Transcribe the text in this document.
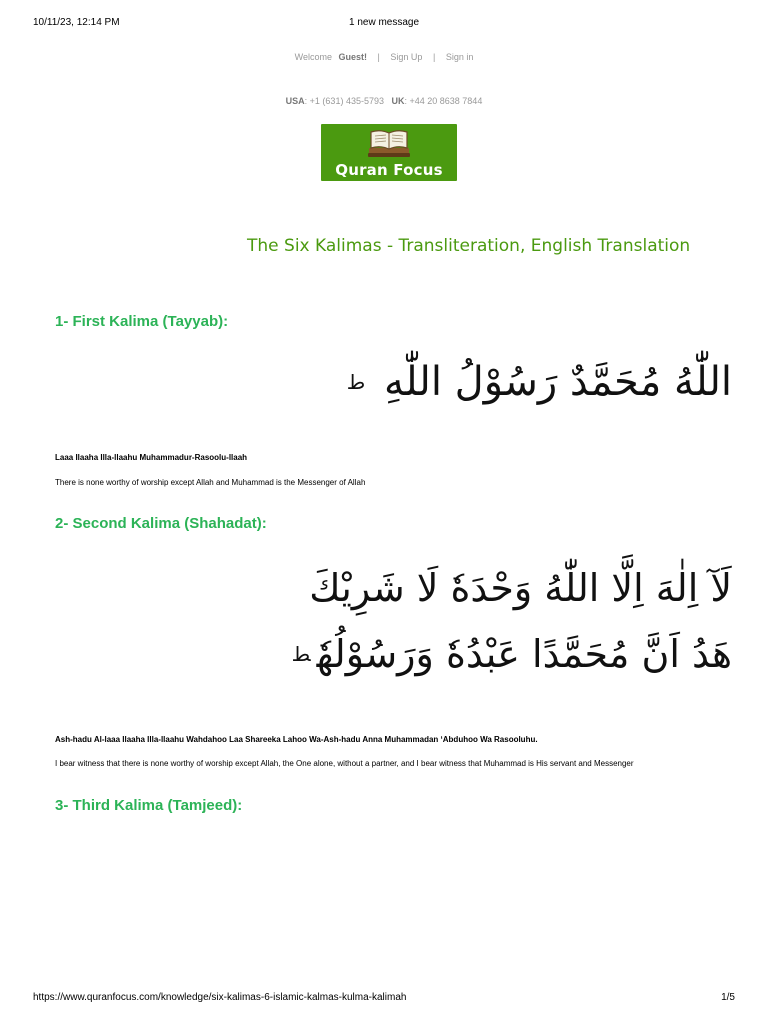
10/11/23, 12:14 PM	1 new message
Welcome Guest! | Sign Up | Sign in
USA: +1 (631) 435-5793 UK: +44 20 8638 7844
Quran Focus
The Six Kalimas - Transliteration, English Translation
1- First Kalima (Tayyab):
اللّٰهُ مُحَمَّدٌ رَسُوْلُ اللّٰهِ $^ط$
Laaa Ilaaha Illa-llaahu Muhammadur-Rasoolu-llaah
There is none worthy of worship except Allah and Muhammad is the Messenger of Allah
2- Second Kalima (Shahadat):
لَآ اِلٰهَ اِلَّا اللّٰهُ وَحْدَهٗ لَا شَرِيْكَ
هَدُ اَنَّ مُحَمَّدًا عَبْدُهٗ وَرَسُوْلُهٗ$^ط$
Ash-hadu Al-laaa Ilaaha Illa-llaahu Wahdahoo Laa Shareeka Lahoo Wa-Ash-hadu Anna Muhammadan ‘Abduhoo Wa Rasooluhu.
I bear witness that there is none worthy of worship except Allah, the One alone, without a partner, and I bear witness that Muhammad is His servant and Messenger
3- Third Kalima (Tamjeed):
https://www.quranfocus.com/knowledge/six-kalimas-6-islamic-kalmas-kulma-kalimah	1/5
